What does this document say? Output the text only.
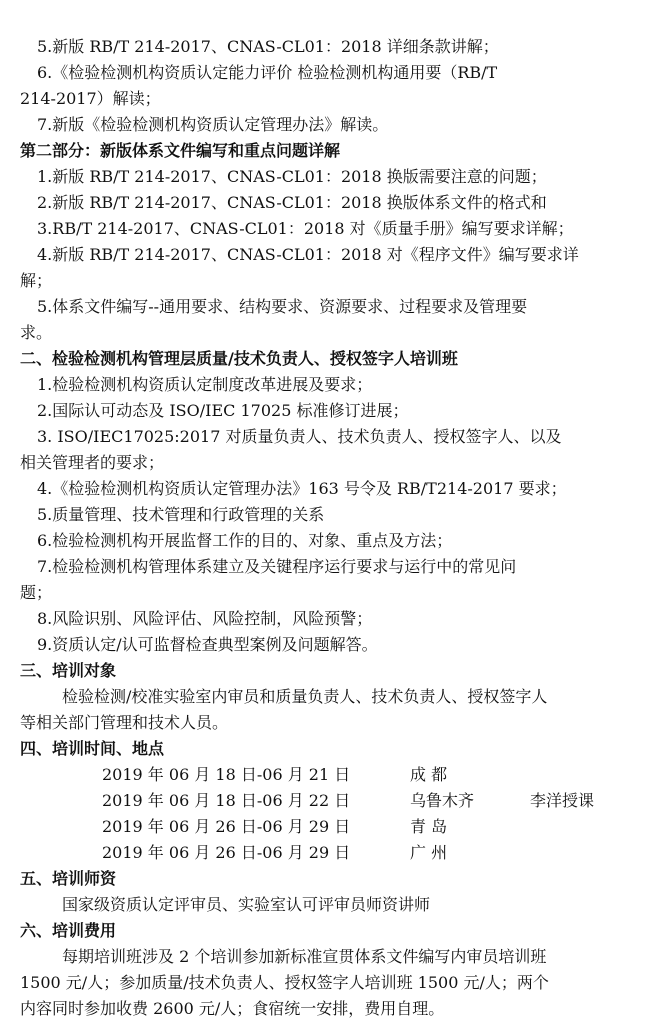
5.新版 RB/T 214-2017、CNAS-CL01：2018 详细条款讲解；
6.《检验检测机构资质认定能力评价 检验检测机构通用要（RB/T
214-2017）解读；
7.新版《检验检测机构资质认定管理办法》解读。
第二部分：新版体系文件编写和重点问题详解
1.新版 RB/T 214-2017、CNAS-CL01：2018 换版需要注意的问题；
2.新版 RB/T 214-2017、CNAS-CL01：2018 换版体系文件的格式和
3.RB/T 214-2017、CNAS-CL01：2018 对《质量手册》编写要求详解；
4.新版 RB/T 214-2017、CNAS-CL01：2018 对《程序文件》编写要求详
解；
5.体系文件编写--通用要求、结构要求、资源要求、过程要求及管理要
求。
二、检验检测机构管理层质量/技术负责人、授权签字人培训班
1.检验检测机构资质认定制度改革进展及要求；
2.国际认可动态及 ISO/IEC 17025 标准修订进展；
3. ISO/IEC17025:2017 对质量负责人、技术负责人、授权签字人、以及
相关管理者的要求；
4.《检验检测机构资质认定管理办法》163 号令及 RB/T214-2017 要求；
5.质量管理、技术管理和行政管理的关系
6.检验检测机构开展监督工作的目的、对象、重点及方法；
7.检验检测机构管理体系建立及关键程序运行要求与运行中的常见问
题；
8.风险识别、风险评估、风险控制，风险预警；
9.资质认定/认可监督检查典型案例及问题解答。
三、培训对象
检验检测/校准实验室内审员和质量负责人、技术负责人、授权签字人
等相关部门管理和技术人员。
四、培训时间、地点
2019 年 06 月 18 日-06 月 21 日	成 都
2019 年 06 月 18 日-06 月 22 日	乌鲁木齐	李洋授课
2019 年 06 月 26 日-06 月 29 日	青 岛
2019 年 06 月 26 日-06 月 29 日	广 州
五、培训师资
国家级资质认定评审员、实验室认可评审员师资讲师
六、培训费用
每期培训班涉及 2 个培训参加新标准宣贯体系文件编写内审员培训班
1500 元/人；参加质量/技术负责人、授权签字人培训班 1500 元/人；两个
内容同时参加收费 2600 元/人；食宿统一安排，费用自理。
